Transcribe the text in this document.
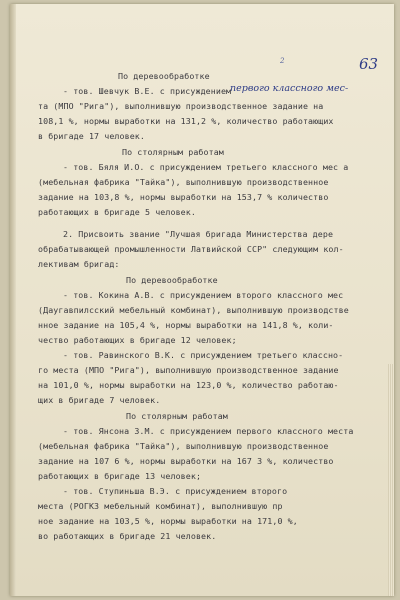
63
2
первого классного мес-
По деревообработке
- тов. Шевчук В.Е. с присуждением
та (МПО "Рига"), выполнившую производственное задание на
108,1 %, нормы выработки на 131,2 %, количество работающих
в бригаде 17 человек.
По столярным работам
- тов. Бяля И.О. с присуждением третьего классного мес а
(мебельная фабрика "Тайка"), выполнившую производственное
задание на 103,8 %, нормы выработки на 153,7 % количество
работающих в бригаде 5 человек.
2. Присвоить звание "Лучшая бригада Министерства дере
обрабатывающей промышленности Латвийской ССР" следующим кол-
лективам бригад:
По деревообработке
- тов. Кокина А.В. с присуждением второго классного мес
(Даугавпилсский мебельный комбинат), выполнившую производстве
нное задание на 105,4 %, нормы выработки на 141,8 %, коли-
чество работающих в бригаде 12 человек;
- тов. Равинского В.К. с присуждением третьего классно-
го места (МПО "Рига"), выполнившую производственное задание
на 101,0 %, нормы выработки на 123,0 %, количество работаю-
щих в бригаде 7 человек.
По столярным работам
- тов. Янсона З.М. с присуждением первого классного места
(мебельная фабрика "Тайка"), выполнившую производственное
задание на 107 6 %, нормы выработки на 167 3 %, количество
работающих в бригаде 13 человек;
- тов. Ступиньша В.Э. с присуждением второго
места (РОГКЗ мебельный комбинат), выполнившую пр
ное задание на 103,5 %, нормы выработки на 171,0 %,
во работающих в бригаде 21 человек.
